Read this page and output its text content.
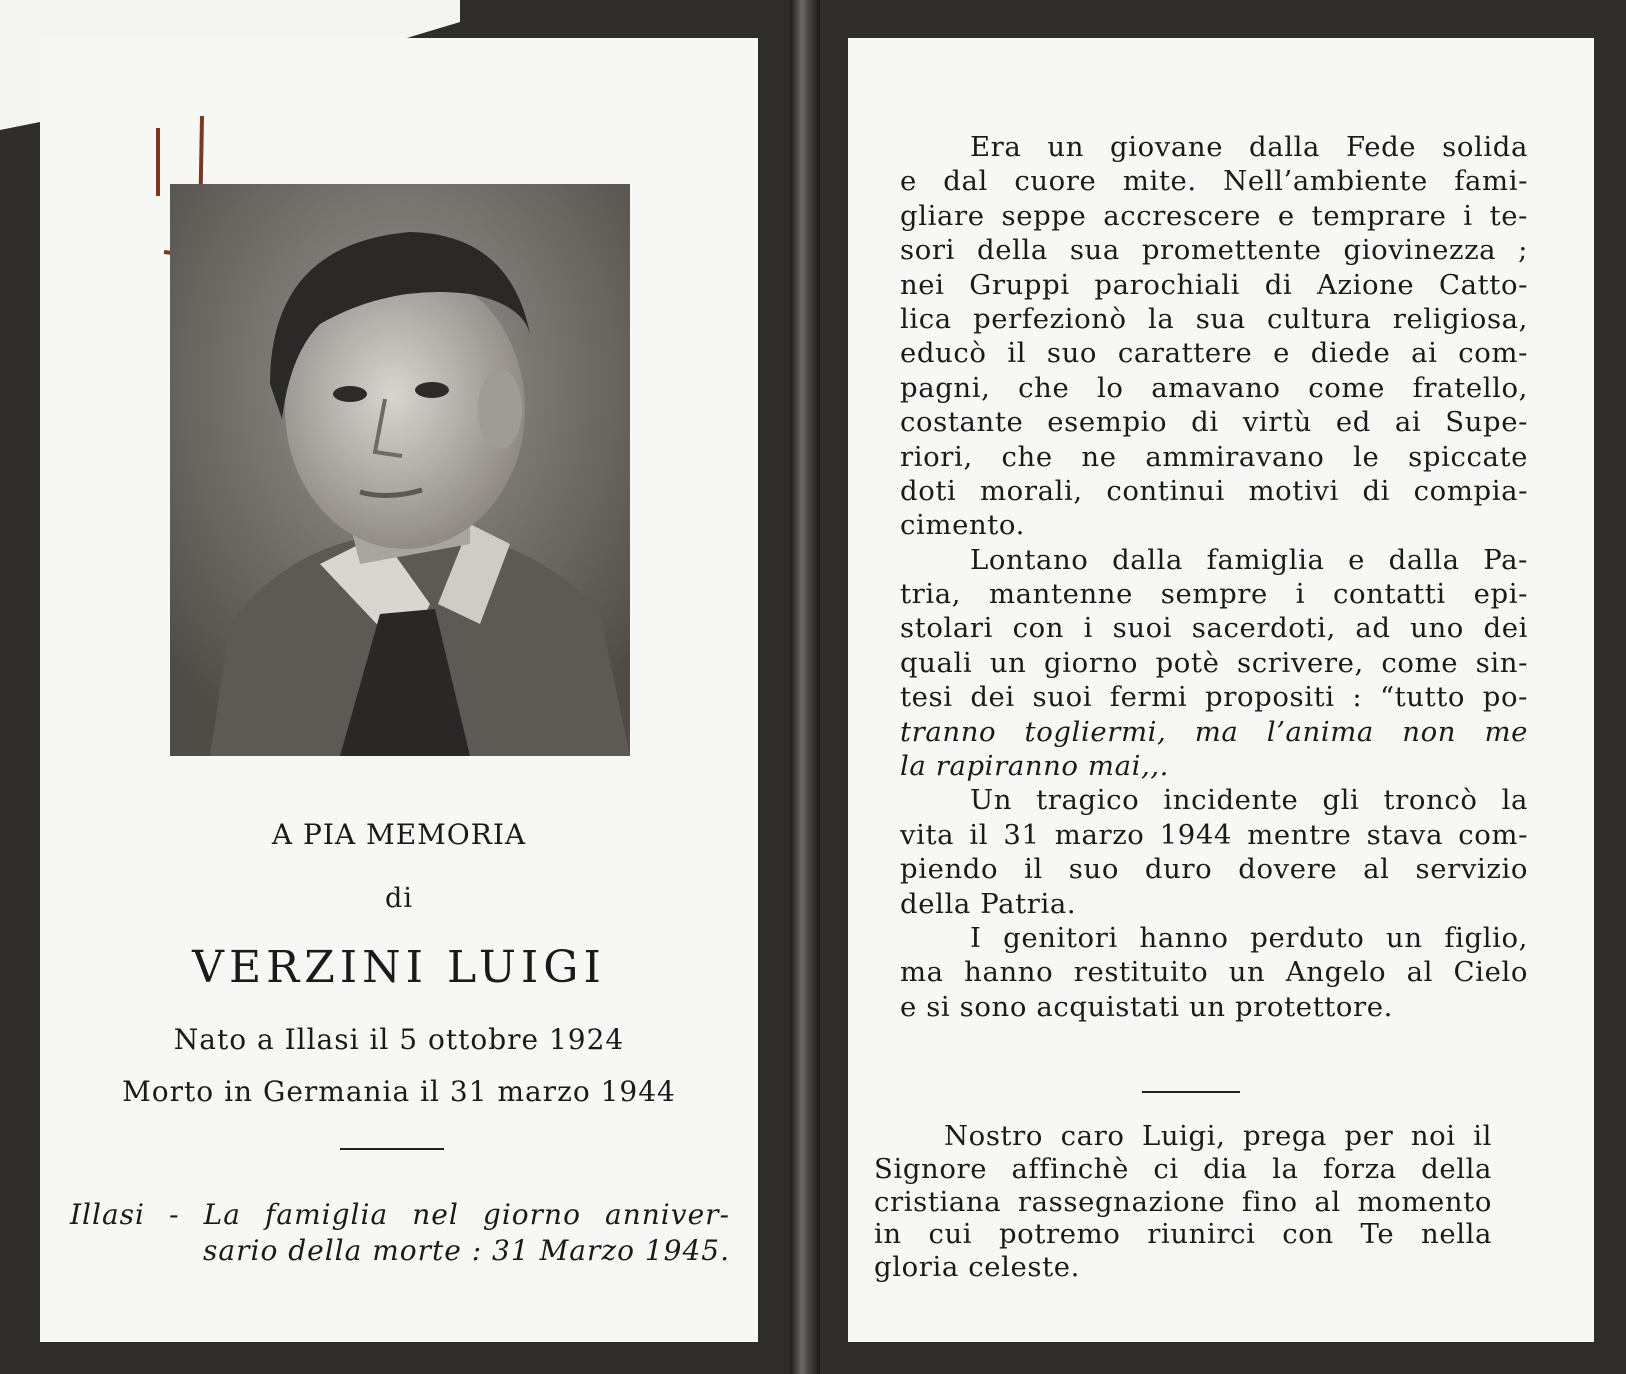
A PIA MEMORIA
di
VERZINI LUIGI
Nato a Illasi il 5 ottobre 1924
Morto in Germania il 31 marzo 1944
Illasi - La famiglia nel giorno anniver-
sario della morte : 31 Marzo 1945.
Era un giovane dalla Fede solida
e dal cuore mite. Nell’ambiente fami-
gliare seppe accrescere e temprare i te-
sori della sua promettente giovinezza ;
nei Gruppi parochiali di Azione Catto-
lica perfezionò la sua cultura religiosa,
educò il suo carattere e diede ai com-
pagni, che lo amavano come fratello,
costante esempio di virtù ed ai Supe-
riori, che ne ammiravano le spiccate
doti morali, continui motivi di compia-
cimento.
Lontano dalla famiglia e dalla Pa-
tria, mantenne sempre i contatti epi-
stolari con i suoi sacerdoti, ad uno dei
quali un giorno potè scrivere, come sin-
tesi dei suoi fermi propositi : “tutto po-
tranno togliermi, ma l’anima non me
la rapiranno mai,,.
Un tragico incidente gli troncò la
vita il 31 marzo 1944 mentre stava com-
piendo il suo duro dovere al servizio
della Patria.
I genitori hanno perduto un figlio,
ma hanno restituito un Angelo al Cielo
e si sono acquistati un protettore.
Nostro caro Luigi, prega per noi il
Signore affinchè ci dia la forza della
cristiana rassegnazione fino al momento
in cui potremo riunirci con Te nella
gloria celeste.
